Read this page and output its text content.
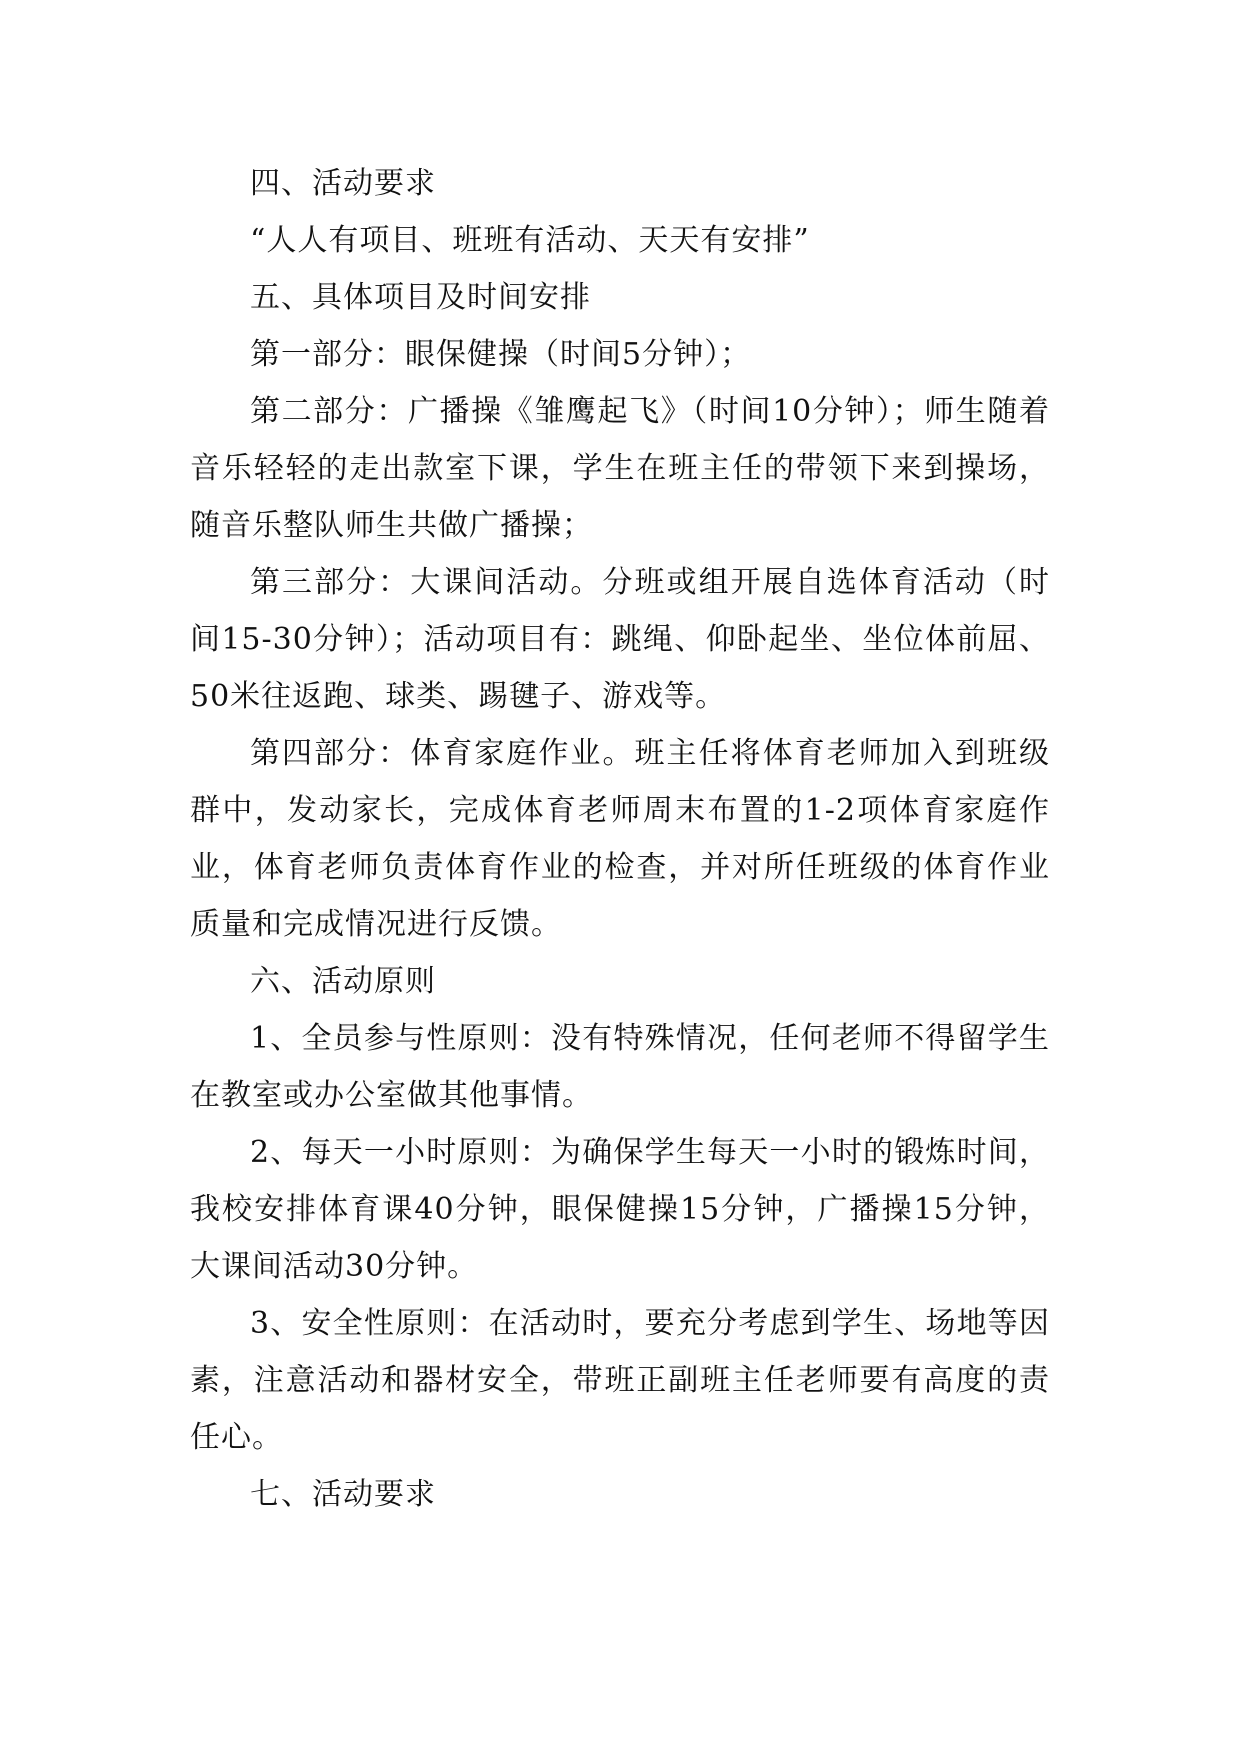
四、活动要求

“人人有项目、班班有活动、天天有安排”

五、具体项目及时间安排

第一部分：眼保健操（时间5分钟）；

第二部分：广播操《雏鹰起飞》（时间10分钟）；师生随着音乐轻轻的走出款室下课，学生在班主任的带领下来到操场，随音乐整队师生共做广播操；

第三部分：大课间活动。分班或组开展自选体育活动（时间15-30分钟）；活动项目有：跳绳、仰卧起坐、坐位体前屈、50米往返跑、球类、踢毽子、游戏等。

第四部分：体育家庭作业。班主任将体育老师加入到班级群中，发动家长，完成体育老师周末布置的1-2项体育家庭作业，体育老师负责体育作业的检查，并对所任班级的体育作业质量和完成情况进行反馈。

六、活动原则

1、全员参与性原则：没有特殊情况，任何老师不得留学生在教室或办公室做其他事情。

2、每天一小时原则：为确保学生每天一小时的锻炼时间，我校安排体育课40分钟，眼保健操15分钟，广播操15分钟，大课间活动30分钟。

3、安全性原则：在活动时，要充分考虑到学生、场地等因素，注意活动和器材安全，带班正副班主任老师要有高度的责任心。

七、活动要求
